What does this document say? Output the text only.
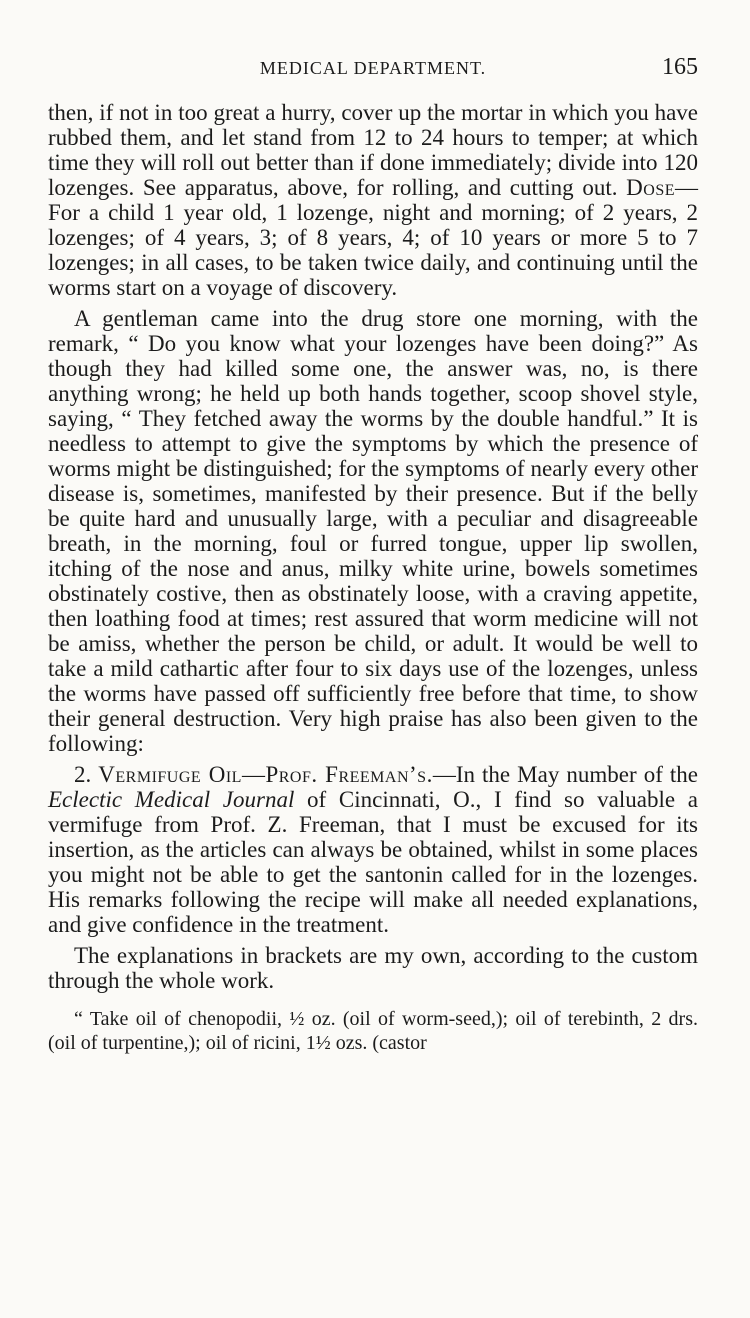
MEDICAL DEPARTMENT.	165

then, if not in too great a hurry, cover up the mortar in which you have rubbed them, and let stand from 12 to 24 hours to temper; at which time they will roll out better than if done immediately; divide into 120 lozenges. See apparatus, above, for rolling, and cutting out. Dose—For a child 1 year old, 1 lozenge, night and morning; of 2 years, 2 lozenges; of 4 years, 3; of 8 years, 4; of 10 years or more 5 to 7 lozenges; in all cases, to be taken twice daily, and continuing until the worms start on a voyage of discovery.

A gentleman came into the drug store one morning, with the remark, “ Do you know what your lozenges have been doing?” As though they had killed some one, the answer was, no, is there anything wrong; he held up both hands together, scoop shovel style, saying, “ They fetched away the worms by the double handful.” It is needless to attempt to give the symptoms by which the presence of worms might be distinguished; for the symptoms of nearly every other disease is, sometimes, manifested by their presence. But if the belly be quite hard and unusually large, with a peculiar and disagreeable breath, in the morning, foul or furred tongue, upper lip swollen, itching of the nose and anus, milky white urine, bowels sometimes obstinately costive, then as obstinately loose, with a craving appetite, then loathing food at times; rest assured that worm medicine will not be amiss, whether the person be child, or adult. It would be well to take a mild cathartic after four to six days use of the lozenges, unless the worms have passed off sufficiently free before that time, to show their general destruction. Very high praise has also been given to the following:

2. Vermifuge Oil—Prof. Freeman’s.—In the May number of the Eclectic Medical Journal of Cincinnati, O., I find so valuable a vermifuge from Prof. Z. Freeman, that I must be excused for its insertion, as the articles can always be obtained, whilst in some places you might not be able to get the santonin called for in the lozenges. His remarks following the recipe will make all needed explanations, and give confidence in the treatment.

The explanations in brackets are my own, according to the custom through the whole work.

“ Take oil of chenopodii, ½ oz. (oil of worm-seed,); oil of terebinth, 2 drs. (oil of turpentine,); oil of ricini, 1½ ozs. (castor
